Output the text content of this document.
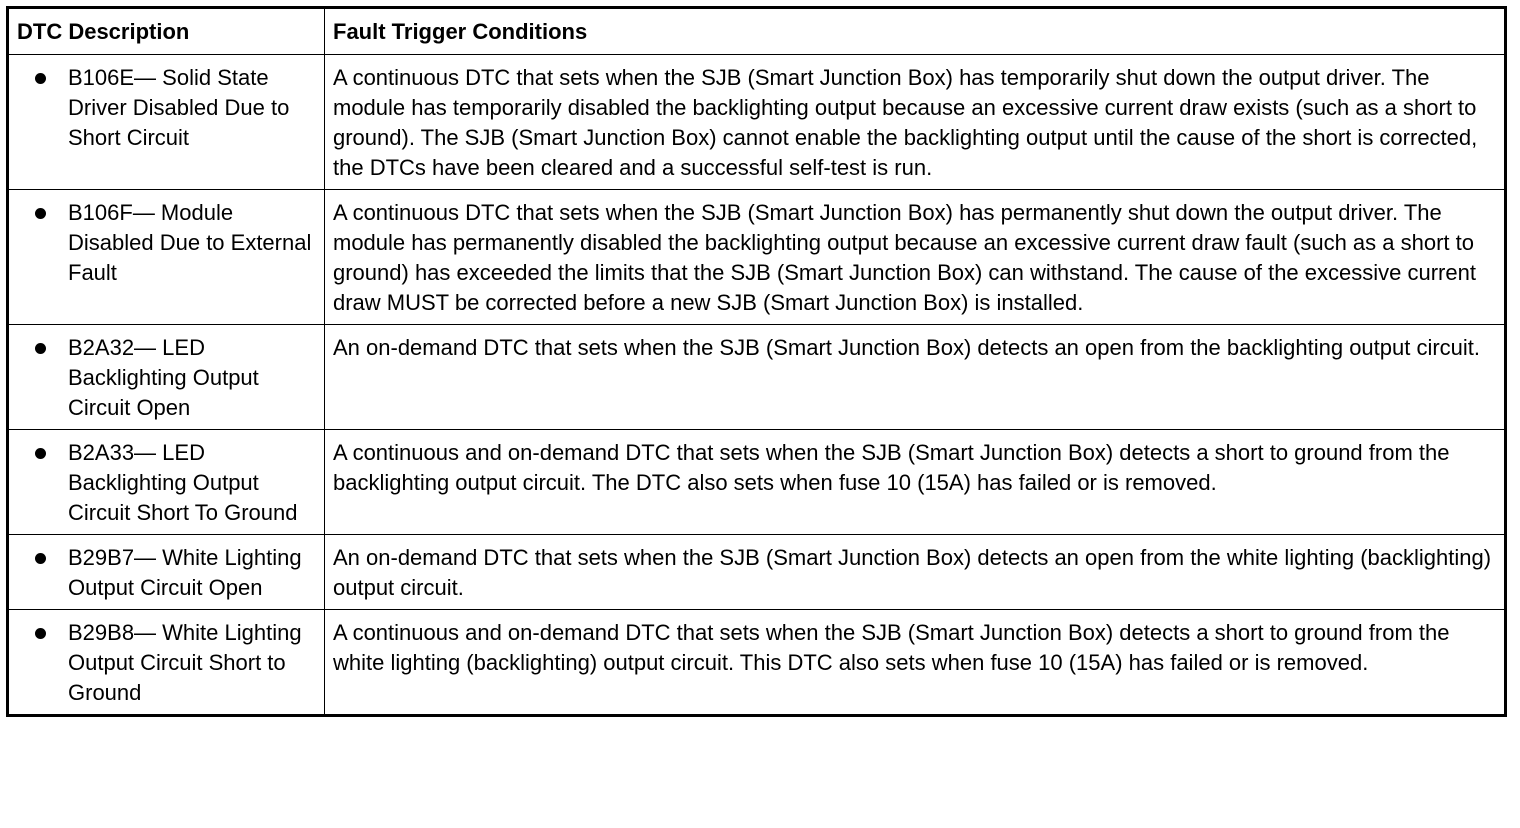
DTC Description	Fault Trigger Conditions

B106E— Solid State Driver Disabled Due to Short Circuit	A continuous DTC that sets when the SJB (Smart Junction Box) has temporarily shut down the output driver. The module has temporarily disabled the backlighting output because an excessive current draw exists (such as a short to ground). The SJB (Smart Junction Box) cannot enable the backlighting output until the cause of the short is corrected, the DTCs have been cleared and a successful self-test is run.

B106F— Module Disabled Due to External Fault	A continuous DTC that sets when the SJB (Smart Junction Box) has permanently shut down the output driver. The module has permanently disabled the backlighting output because an excessive current draw fault (such as a short to ground) has exceeded the limits that the SJB (Smart Junction Box) can withstand. The cause of the excessive current draw MUST be corrected before a new SJB (Smart Junction Box) is installed.

B2A32— LED Backlighting Output Circuit Open	An on-demand DTC that sets when the SJB (Smart Junction Box) detects an open from the backlighting output circuit.

B2A33— LED Backlighting Output Circuit Short To Ground	A continuous and on-demand DTC that sets when the SJB (Smart Junction Box) detects a short to ground from the backlighting output circuit. The DTC also sets when fuse 10 (15A) has failed or is removed.

B29B7— White Lighting Output Circuit Open	An on-demand DTC that sets when the SJB (Smart Junction Box) detects an open from the white lighting (backlighting) output circuit.

B29B8— White Lighting Output Circuit Short to Ground	A continuous and on-demand DTC that sets when the SJB (Smart Junction Box) detects a short to ground from the white lighting (backlighting) output circuit. This DTC also sets when fuse 10 (15A) has failed or is removed.
